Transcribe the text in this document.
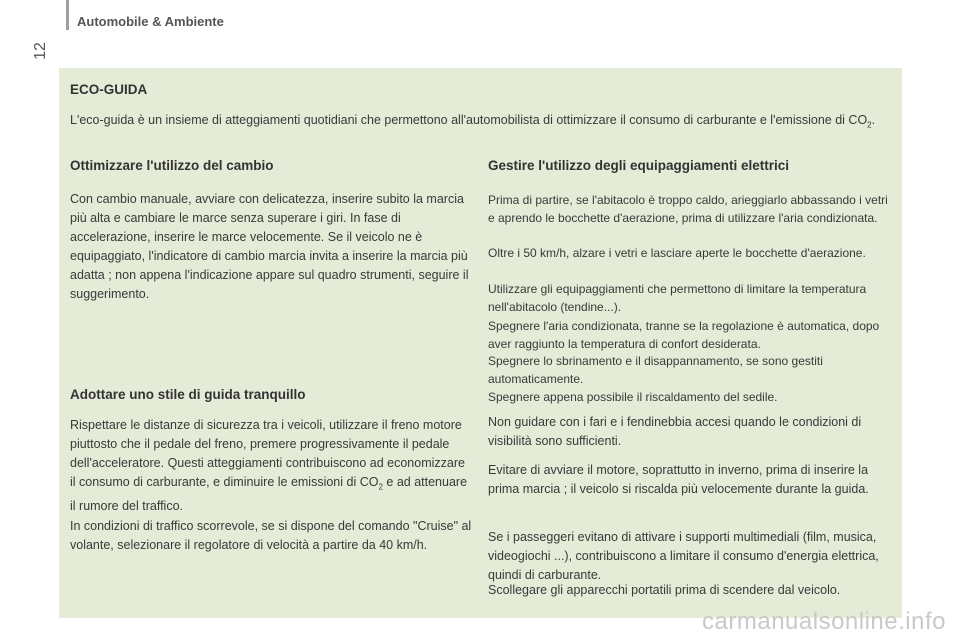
Automobile & Ambiente
12
ECO-GUIDA
L'eco-guida è un insieme di atteggiamenti quotidiani che permettono all'automobilista di ottimizzare il consumo di carburante e l'emissione di $CO_2$.
Ottimizzare l'utilizzo del cambio
Con cambio manuale, avviare con delicatezza, inserire subito la marcia più alta e cambiare le marce senza superare i giri. In fase di accelerazione, inserire le marce velocemente. Se il veicolo ne è equipaggiato, l'indicatore di cambio marcia invita a inserire la marcia più adatta ; non appena l'indicazione appare sul quadro strumenti, seguire il suggerimento.
Adottare uno stile di guida tranquillo
Rispettare le distanze di sicurezza tra i veicoli, utilizzare il freno motore piuttosto che il pedale del freno, premere progressivamente il pedale dell'acceleratore. Questi atteggiamenti contribuiscono ad economizzare il consumo di carburante, e diminuire le emissioni di $CO_2$ e ad attenuare il rumore del traffico.
In condizioni di traffico scorrevole, se si dispone del comando "Cruise" al volante, selezionare il regolatore di velocità a partire da 40 km/h.
Gestire l'utilizzo degli equipaggiamenti elettrici
Prima di partire, se l'abitacolo è troppo caldo, arieggiarlo abbassando i vetri e aprendo le bocchette d'aerazione, prima di utilizzare l'aria condizionata.
Oltre i 50 km/h, alzare i vetri e lasciare aperte le bocchette d'aerazione.
Utilizzare gli equipaggiamenti che permettono di limitare la temperatura nell'abitacolo (tendine...).
Spegnere l'aria condizionata, tranne se la regolazione è automatica, dopo aver raggiunto la temperatura di confort desiderata.
Spegnere lo sbrinamento e il disappannamento, se sono gestiti automaticamente.
Spegnere appena possibile il riscaldamento del sedile.
Non guidare con i fari e i fendinebbia accesi quando le condizioni di visibilità sono sufficienti.
Evitare di avviare il motore, soprattutto in inverno, prima di inserire la prima marcia ; il veicolo si riscalda più velocemente durante la guida.
Se i passeggeri evitano di attivare i supporti multimediali (film, musica, videogiochi ...), contribuiscono a limitare il consumo d'energia elettrica, quindi di carburante.
Scollegare gli apparecchi portatili prima di scendere dal veicolo.
carmanualsonline.info
